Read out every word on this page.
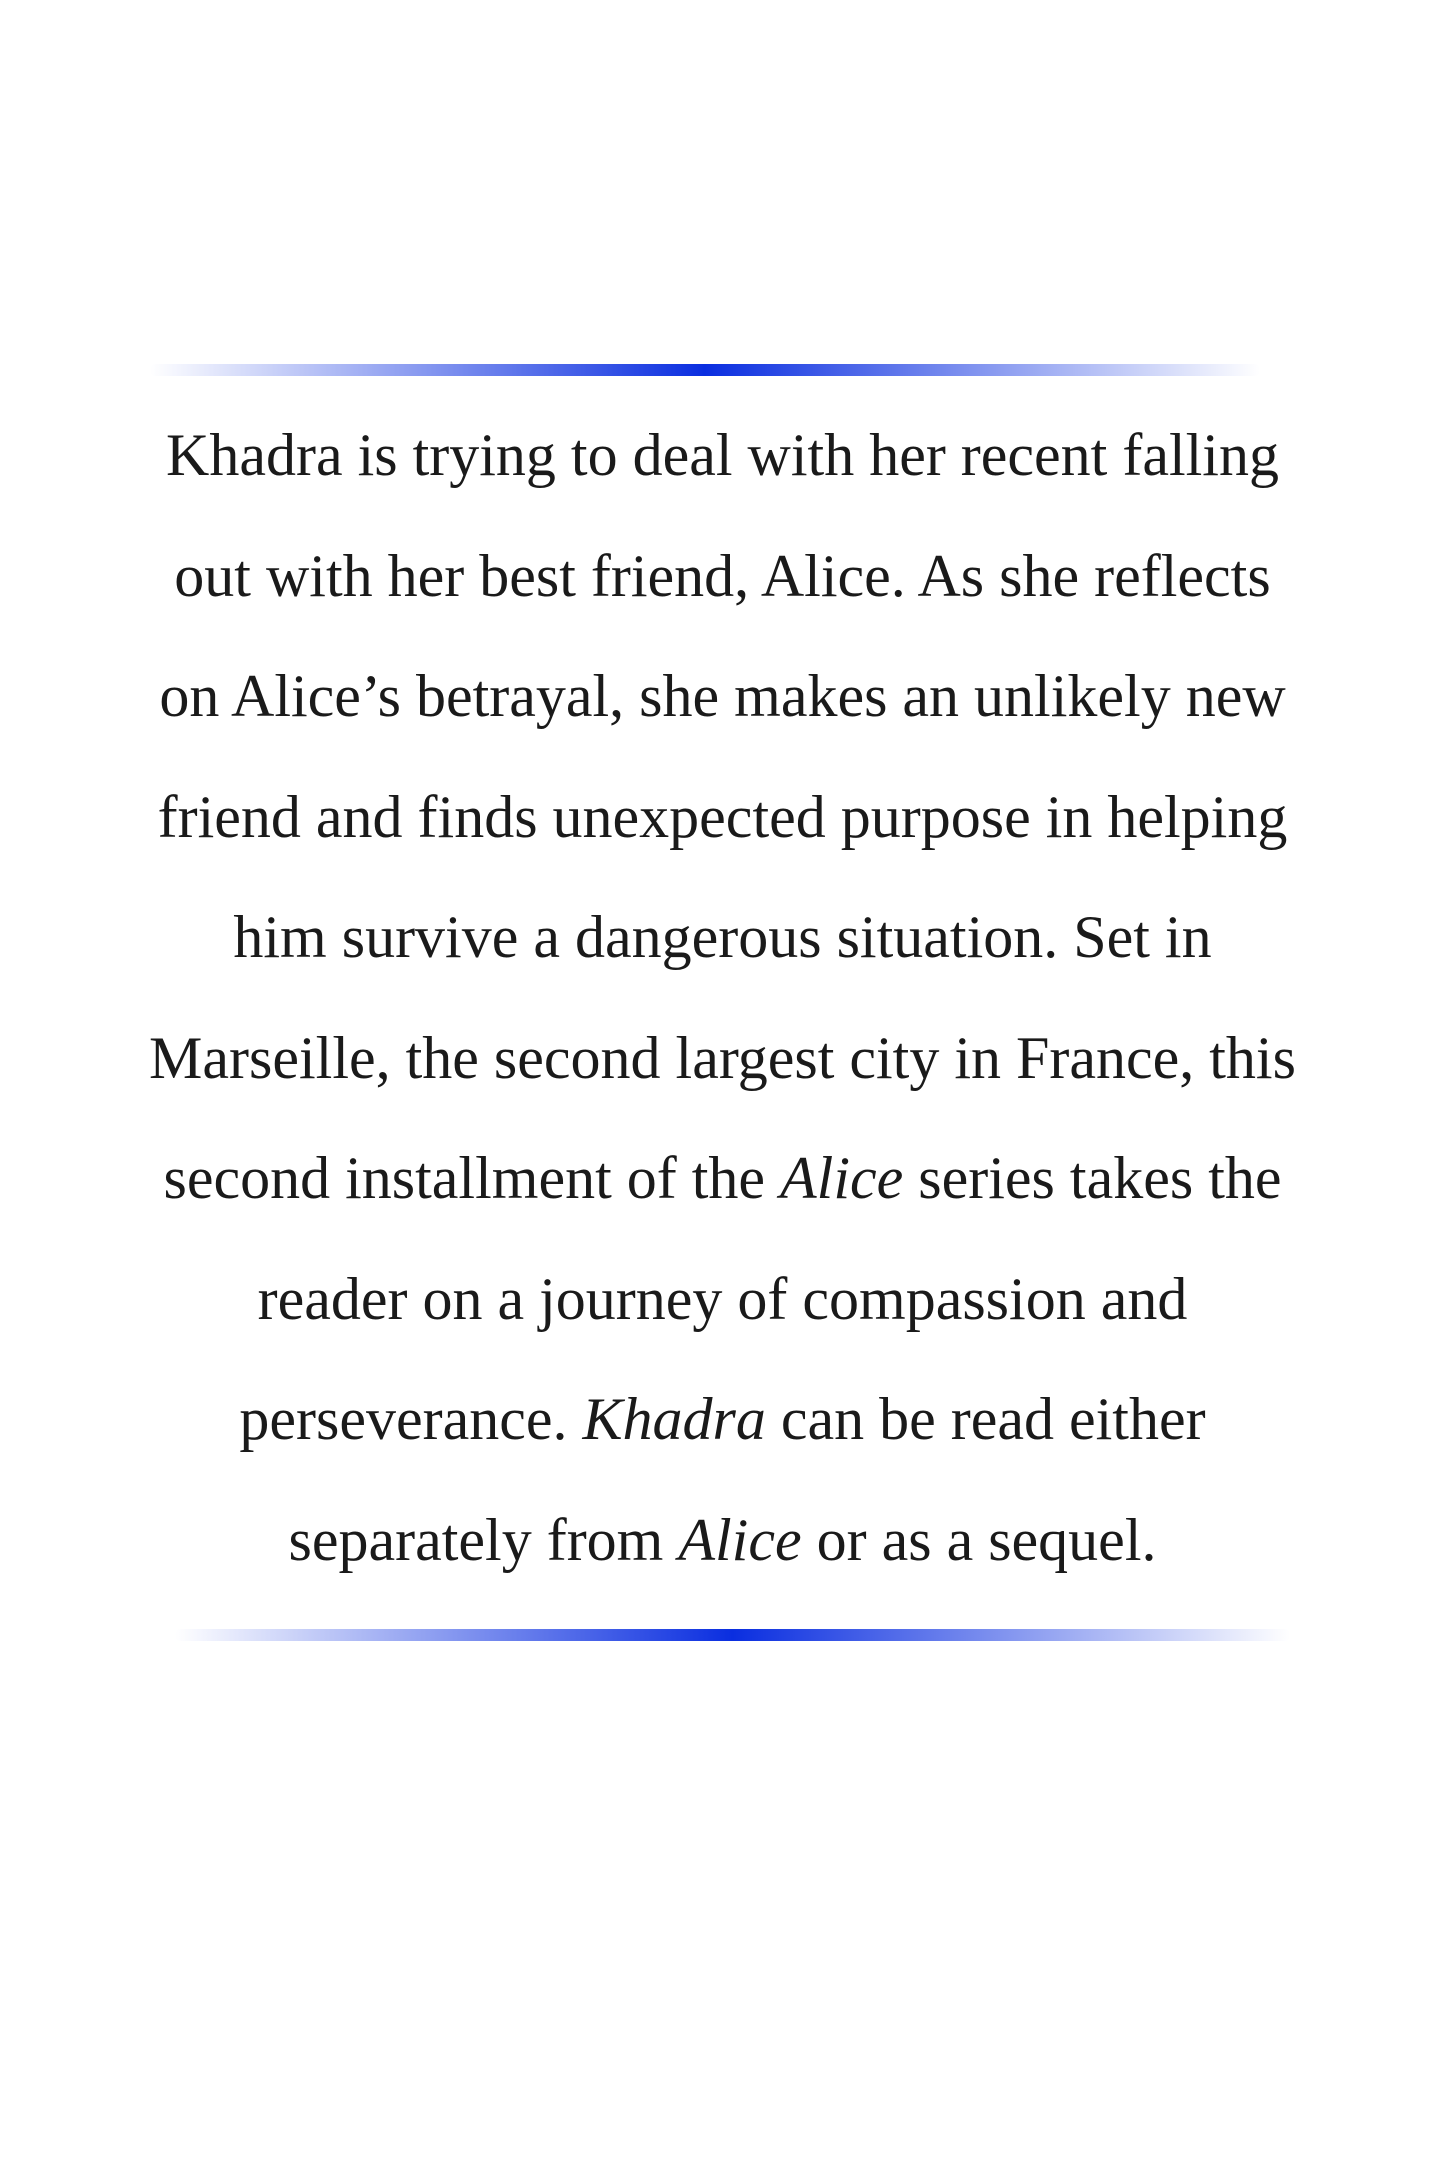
Khadra is trying to deal with her recent falling
out with her best friend, Alice. As she reflects
on Alice’s betrayal, she makes an unlikely new
friend and finds unexpected purpose in helping
him survive a dangerous situation. Set in
Marseille, the second largest city in France, this
second installment of the Alice series takes the
reader on a journey of compassion and
perseverance. Khadra can be read either
separately from Alice or as a sequel.
